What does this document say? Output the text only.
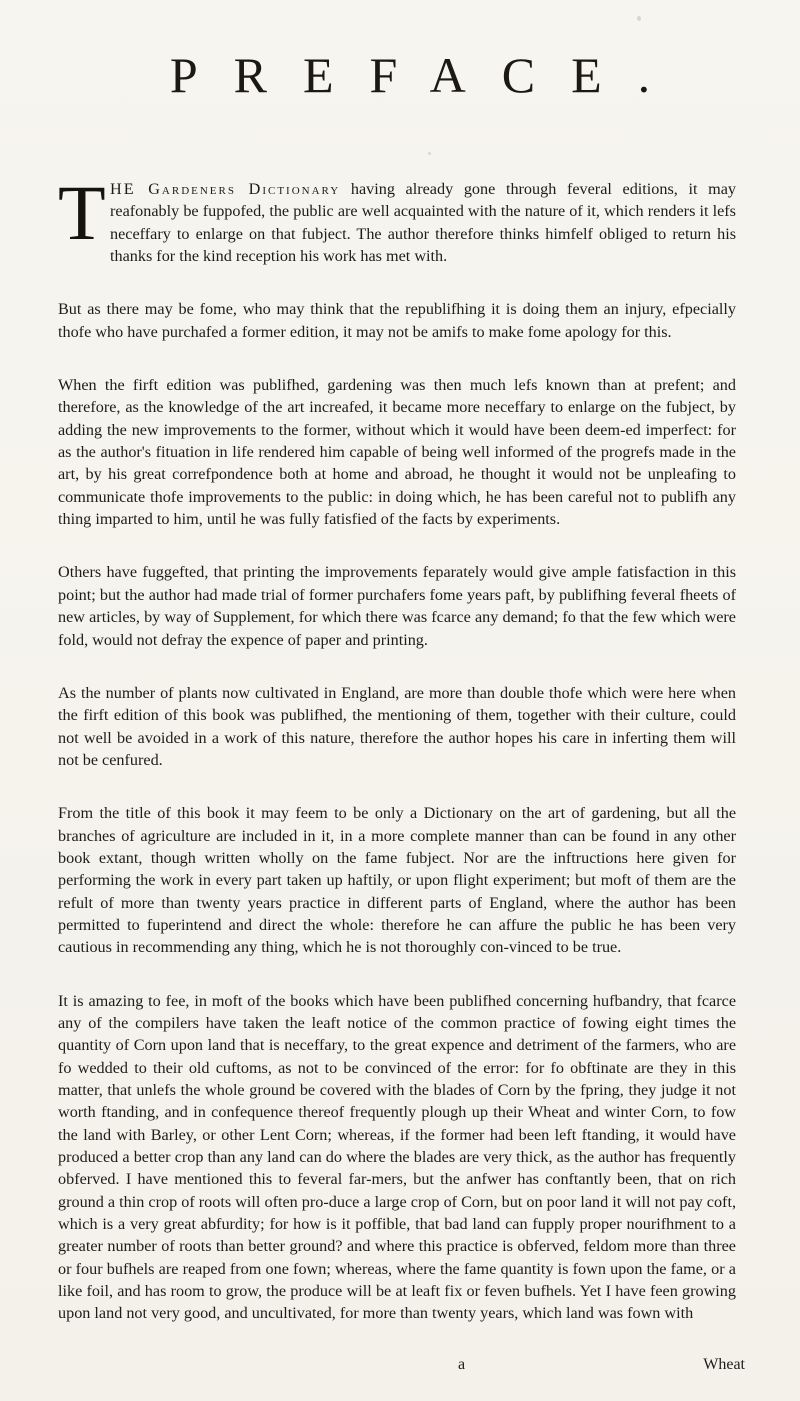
PREFACE.

T HE Gardeners Dictionary having already gone through feveral editions, it may reafonably be fuppofed, the public are well acquainted with the nature of it, which renders it lefs neceffary to enlarge on that fubject. The author therefore thinks himfelf obliged to return his thanks for the kind reception his work has met with.

But as there may be fome, who may think that the republifhing it is doing them an injury, efpecially thofe who have purchafed a former edition, it may not be amifs to make fome apology for this.

When the firft edition was publifhed, gardening was then much lefs known than at prefent; and therefore, as the knowledge of the art increafed, it became more neceffary to enlarge on the fubject, by adding the new improvements to the former, without which it would have been deem-ed imperfect: for as the author's fituation in life rendered him capable of being well informed of the progrefs made in the art, by his great correfpondence both at home and abroad, he thought it would not be unpleafing to communicate thofe improvements to the public: in doing which, he has been careful not to publifh any thing imparted to him, until he was fully fatisfied of the facts by experiments.

Others have fuggefted, that printing the improvements feparately would give ample fatisfaction in this point; but the author had made trial of former purchafers fome years paft, by publifhing feveral fheets of new articles, by way of Supplement, for which there was fcarce any demand; fo that the few which were fold, would not defray the expence of paper and printing.

As the number of plants now cultivated in England, are more than double thofe which were here when the firft edition of this book was publifhed, the mentioning of them, together with their culture, could not well be avoided in a work of this nature, therefore the author hopes his care in inferting them will not be cenfured.

From the title of this book it may feem to be only a Dictionary on the art of gardening, but all the branches of agriculture are included in it, in a more complete manner than can be found in any other book extant, though written wholly on the fame fubject. Nor are the inftructions here given for performing the work in every part taken up haftily, or upon flight experiment; but moft of them are the refult of more than twenty years practice in different parts of England, where the author has been permitted to fuperintend and direct the whole: therefore he can affure the public he has been very cautious in recommending any thing, which he is not thoroughly con-vinced to be true.

It is amazing to fee, in moft of the books which have been publifhed concerning hufbandry, that fcarce any of the compilers have taken the leaft notice of the common practice of fowing eight times the quantity of Corn upon land that is neceffary, to the great expence and detriment of the farmers, who are fo wedded to their old cuftoms, as not to be convinced of the error: for fo obftinate are they in this matter, that unlefs the whole ground be covered with the blades of Corn by the fpring, they judge it not worth ftanding, and in confequence thereof frequently plough up their Wheat and winter Corn, to fow the land with Barley, or other Lent Corn; whereas, if the former had been left ftanding, it would have produced a better crop than any land can do where the blades are very thick, as the author has frequently obferved. I have mentioned this to feveral far-mers, but the anfwer has conftantly been, that on rich ground a thin crop of roots will often pro-duce a large crop of Corn, but on poor land it will not pay coft, which is a very great abfurdity; for how is it poffible, that bad land can fupply proper nourifhment to a greater number of roots than better ground? and where this practice is obferved, feldom more than three or four bufhels are reaped from one fown; whereas, where the fame quantity is fown upon the fame, or a like foil, and has room to grow, the produce will be at leaft fix or feven bufhels. Yet I have feen growing upon land not very good, and uncultivated, for more than twenty years, which land was fown with

a	Wheat
